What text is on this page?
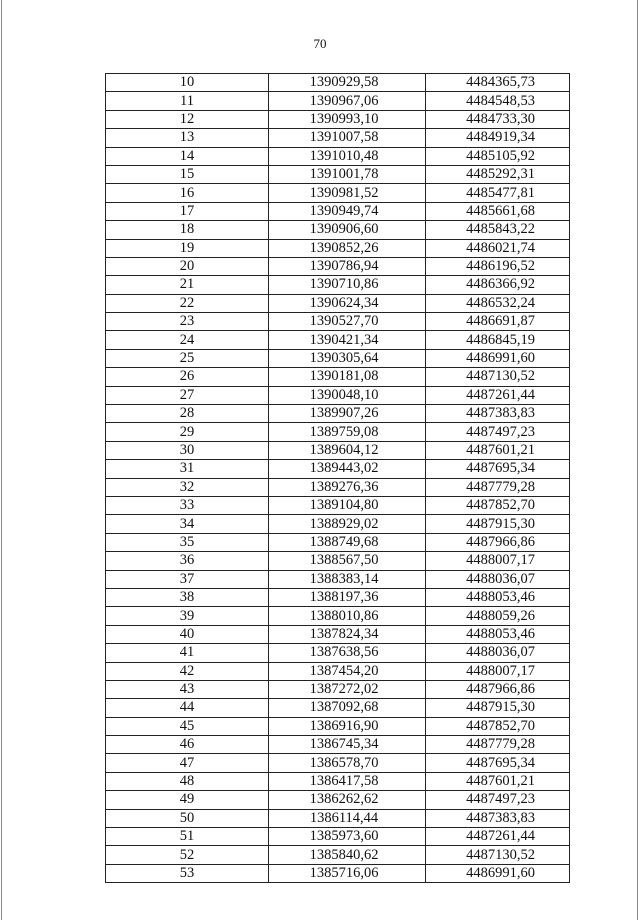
70
10	1390929,58	4484365,73
11	1390967,06	4484548,53
12	1390993,10	4484733,30
13	1391007,58	4484919,34
14	1391010,48	4485105,92
15	1391001,78	4485292,31
16	1390981,52	4485477,81
17	1390949,74	4485661,68
18	1390906,60	4485843,22
19	1390852,26	4486021,74
20	1390786,94	4486196,52
21	1390710,86	4486366,92
22	1390624,34	4486532,24
23	1390527,70	4486691,87
24	1390421,34	4486845,19
25	1390305,64	4486991,60
26	1390181,08	4487130,52
27	1390048,10	4487261,44
28	1389907,26	4487383,83
29	1389759,08	4487497,23
30	1389604,12	4487601,21
31	1389443,02	4487695,34
32	1389276,36	4487779,28
33	1389104,80	4487852,70
34	1388929,02	4487915,30
35	1388749,68	4487966,86
36	1388567,50	4488007,17
37	1388383,14	4488036,07
38	1388197,36	4488053,46
39	1388010,86	4488059,26
40	1387824,34	4488053,46
41	1387638,56	4488036,07
42	1387454,20	4488007,17
43	1387272,02	4487966,86
44	1387092,68	4487915,30
45	1386916,90	4487852,70
46	1386745,34	4487779,28
47	1386578,70	4487695,34
48	1386417,58	4487601,21
49	1386262,62	4487497,23
50	1386114,44	4487383,83
51	1385973,60	4487261,44
52	1385840,62	4487130,52
53	1385716,06	4486991,60
